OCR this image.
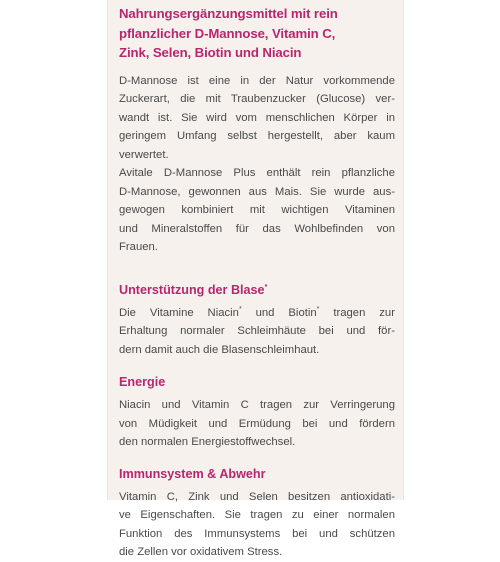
Nahrungsergänzungsmittel mit rein
pflanzlicher D-Mannose, Vitamin C,
Zink, Selen, Biotin und Niacin

D-Mannose ist eine in der Natur vorkommende
Zuckerart, die mit Traubenzucker (Glucose) ver-
wandt ist. Sie wird vom menschlichen Körper in
geringem Umfang selbst hergestellt, aber kaum
verwertet.

Avitale D-Mannose Plus enthält rein pflanzliche
D-Mannose, gewonnen aus Mais. Sie wurde aus-
gewogen kombiniert mit wichtigen Vitaminen
und Mineralstoffen für das Wohlbefinden von
Frauen.

Unterstützung der Blase*

Die Vitamine Niacin* und Biotin* tragen zur
Erhaltung normaler Schleimhäute bei und för-
dern damit auch die Blasenschleimhaut.

Energie

Niacin und Vitamin C tragen zur Verringerung
von Müdigkeit und Ermüdung bei und fördern
den normalen Energiestoffwechsel.

Immunsystem & Abwehr

Vitamin C, Zink und Selen besitzen antioxidati-
ve Eigenschaften. Sie tragen zu einer normalen
Funktion des Immunsystems bei und schützen
die Zellen vor oxidativem Stress.
